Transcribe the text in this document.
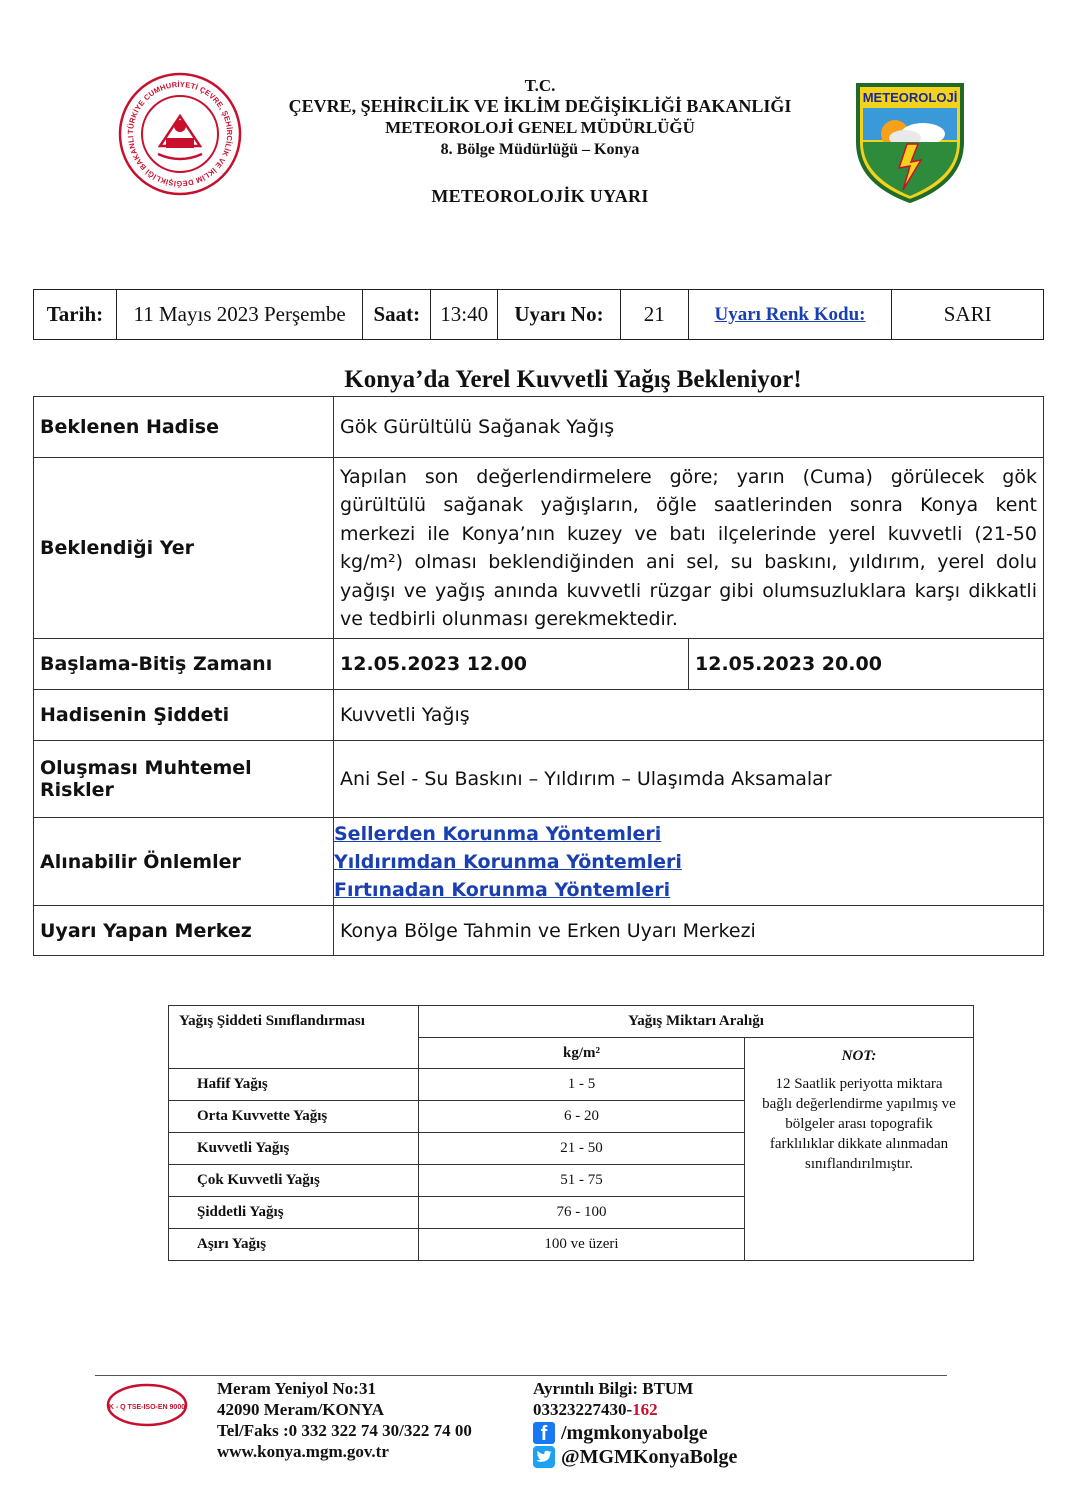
TÜRKİYE CUMHURİYETİ ÇEVRE, ŞEHİRCİLİK VE İKLİM DEĞİŞİKLİĞİ BAKANLI
METEOROLOJİ
T.C.
ÇEVRE, ŞEHİRCİLİK VE İKLİM DEĞİŞİKLİĞİ BAKANLIĞI
METEOROLOJİ GENEL MÜDÜRLÜĞÜ
8. Bölge Müdürlüğü – Konya
METEOROLOJİK UYARI
Tarih:	11 Mayıs 2023 Perşembe	Saat: 13:40	Uyarı No:	21	Uyarı Renk Kodu:	SARI
Konya’da Yerel Kuvvetli Yağış Bekleniyor!
Beklenen Hadise	Gök Gürültülü Sağanak Yağış	
Beklendiği Yer	Yapılan son değerlendirmelere göre; yarın (Cuma) görülecek gök gürültülü sağanak yağışların, öğle saatlerinden sonra Konya kent merkezi ile Konya’nın kuzey ve batı ilçelerinde yerel kuvvetli (21-50 kg/m²) olması beklendiğinden ani sel, su baskını, yıldırım, yerel dolu yağışı ve yağış anında kuvvetli rüzgar gibi olumsuzluklara karşı dikkatli ve tedbirli olunması gerekmektedir.	
Başlama-Bitiş Zamanı	12.05.2023 12.00	12.05.2023 20.00
Hadisenin Şiddeti	Kuvvetli Yağış	
Oluşması Muhtemel Riskler	Ani Sel - Su Baskını – Yıldırım – Ulaşımda Aksamalar	
Alınabilir Önlemler	Sellerden Korunma Yöntemleri
Yıldırımdan Korunma Yöntemleri
Fırtınadan Korunma Yöntemleri	

Uyarı Yapan Merkez	Konya Bölge Tahmin ve Erken Uyarı Merkezi	
Yağış Şiddeti Sınıflandırması	Yağış Miktarı Aralığı	
	kg/m²	NOT:
12 Saatlik periyotta miktara bağlı değerlendirme yapılmış ve bölgeler arası topografik farklılıklar dikkate alınmadan sınıflandırılmıştır.

Hafif Yağış	1 - 5	
Orta Kuvvette Yağış	6 - 20	
Kuvvetli Yağış	21 - 50	
Çok Kuvvetli Yağış	51 - 75	
Şiddetli Yağış	76 - 100	
Aşırı Yağış	100 ve üzeri	
K - Q TSE-ISO-EN 9000
Meram Yeniyol No:31
42090 Meram/KONYA
Tel/Faks :0 332 322 74 30/322 74 00
www.konya.mgm.gov.tr
Ayrıntılı Bilgi: BTUM
03323227430-162
f /mgmkonyabolge
@MGMKonyaBolge
